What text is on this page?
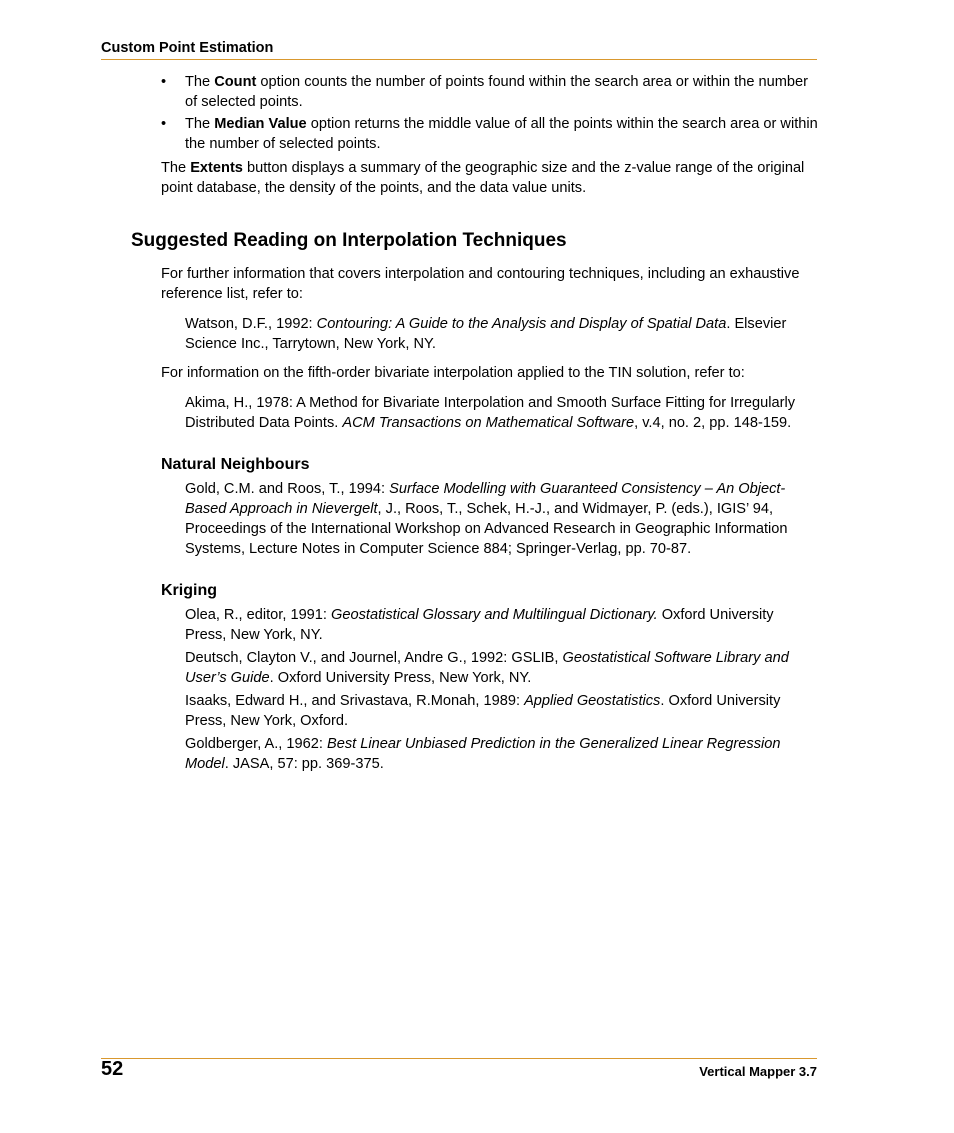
Custom Point Estimation
• The Count option counts the number of points found within the search area or within the number of selected points.
• The Median Value option returns the middle value of all the points within the search area or within the number of selected points.
The Extents button displays a summary of the geographic size and the z-value range of the original point database, the density of the points, and the data value units.
Suggested Reading on Interpolation Techniques
For further information that covers interpolation and contouring techniques, including an exhaustive reference list, refer to:
Watson, D.F., 1992: Contouring: A Guide to the Analysis and Display of Spatial Data. Elsevier Science Inc., Tarrytown, New York, NY.
For information on the fifth-order bivariate interpolation applied to the TIN solution, refer to:
Akima, H., 1978: A Method for Bivariate Interpolation and Smooth Surface Fitting for Irregularly Distributed Data Points. ACM Transactions on Mathematical Software, v.4, no. 2, pp. 148-159.
Natural Neighbours
Gold, C.M. and Roos, T., 1994: Surface Modelling with Guaranteed Consistency – An Object-Based Approach in Nievergelt, J., Roos, T., Schek, H.-J., and Widmayer, P. (eds.), IGIS’ 94, Proceedings of the International Workshop on Advanced Research in Geographic Information Systems, Lecture Notes in Computer Science 884; Springer-Verlag, pp. 70-87.
Kriging
Olea, R., editor, 1991: Geostatistical Glossary and Multilingual Dictionary. Oxford University Press, New York, NY.
Deutsch, Clayton V., and Journel, Andre G., 1992: GSLIB, Geostatistical Software Library and User’s Guide. Oxford University Press, New York, NY.
Isaaks, Edward H., and Srivastava, R.Monah, 1989: Applied Geostatistics. Oxford University Press, New York, Oxford.
Goldberger, A., 1962: Best Linear Unbiased Prediction in the Generalized Linear Regression Model. JASA, 57: pp. 369-375.
52	Vertical Mapper 3.7
